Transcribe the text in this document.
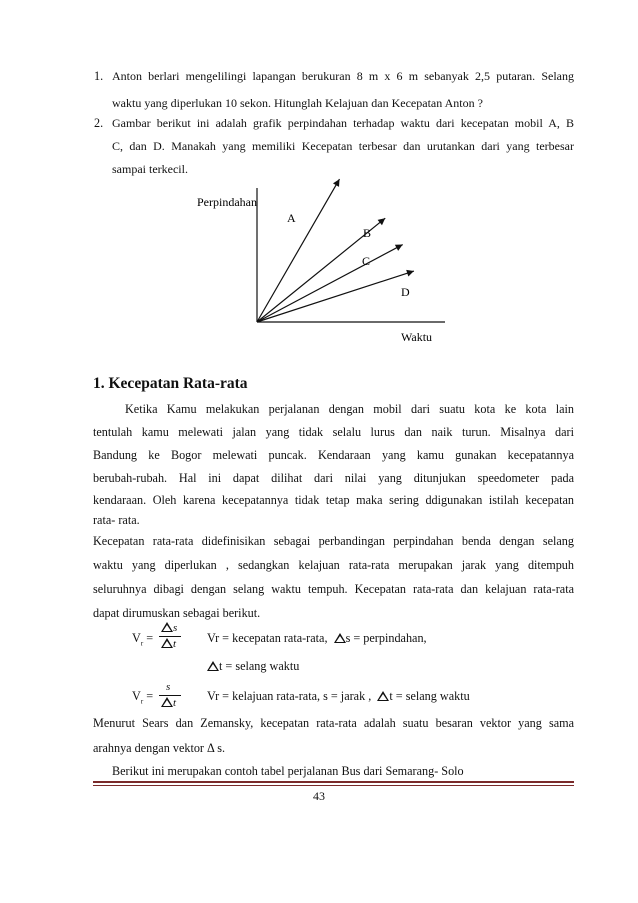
1. Anton berlari mengelilingi lapangan berukuran 8 m x 6 m sebanyak 2,5 putaran. Selang
waktu yang diperlukan 10 sekon. Hitunglah Kelajuan dan Kecepatan Anton ?
2. Gambar berikut ini adalah grafik perpindahan terhadap waktu dari kecepatan mobil A, B
C, dan D. Manakah yang memiliki Kecepatan terbesar dan urutankan dari yang terbesar
sampai terkecil.
Perpindahan
Waktu
A
B
C
D
1. Kecepatan Rata-rata
Ketika Kamu melakukan perjalanan dengan mobil dari suatu kota ke kota lain
tentulah kamu melewati jalan yang tidak selalu lurus dan naik turun. Misalnya dari
Bandung ke Bogor melewati puncak. Kendaraan yang kamu gunakan kecepatannya
berubah-rubah. Hal ini dapat dilihat dari nilai yang ditunjukan speedometer pada
kendaraan. Oleh karena kecepatannya tidak tetap maka sering ddigunakan istilah kecepatan
rata- rata.
Kecepatan rata-rata didefinisikan sebagai perbandingan perpindahan benda dengan selang
waktu yang diperlukan , sedangkan kelajuan rata-rata merupakan jarak yang ditempuh
seluruhnya dibagi dengan selang waktu tempuh. Kecepatan rata-rata dan kelajuan rata-rata
dapat dirumuskan sebagai berikut.
$V_r$ =
s
t	Vr = kecepatan rata-rata, s = perpindahan,
t = selang waktu
$V_r$ =
s
t	Vr = kelajuan rata-rata, s = jarak , t = selang waktu
Menurut Sears dan Zemansky, kecepatan rata-rata adalah suatu besaran vektor yang sama
arahnya dengan vektor Δ s.
Berikut ini merupakan contoh tabel perjalanan Bus dari Semarang- Solo
43
